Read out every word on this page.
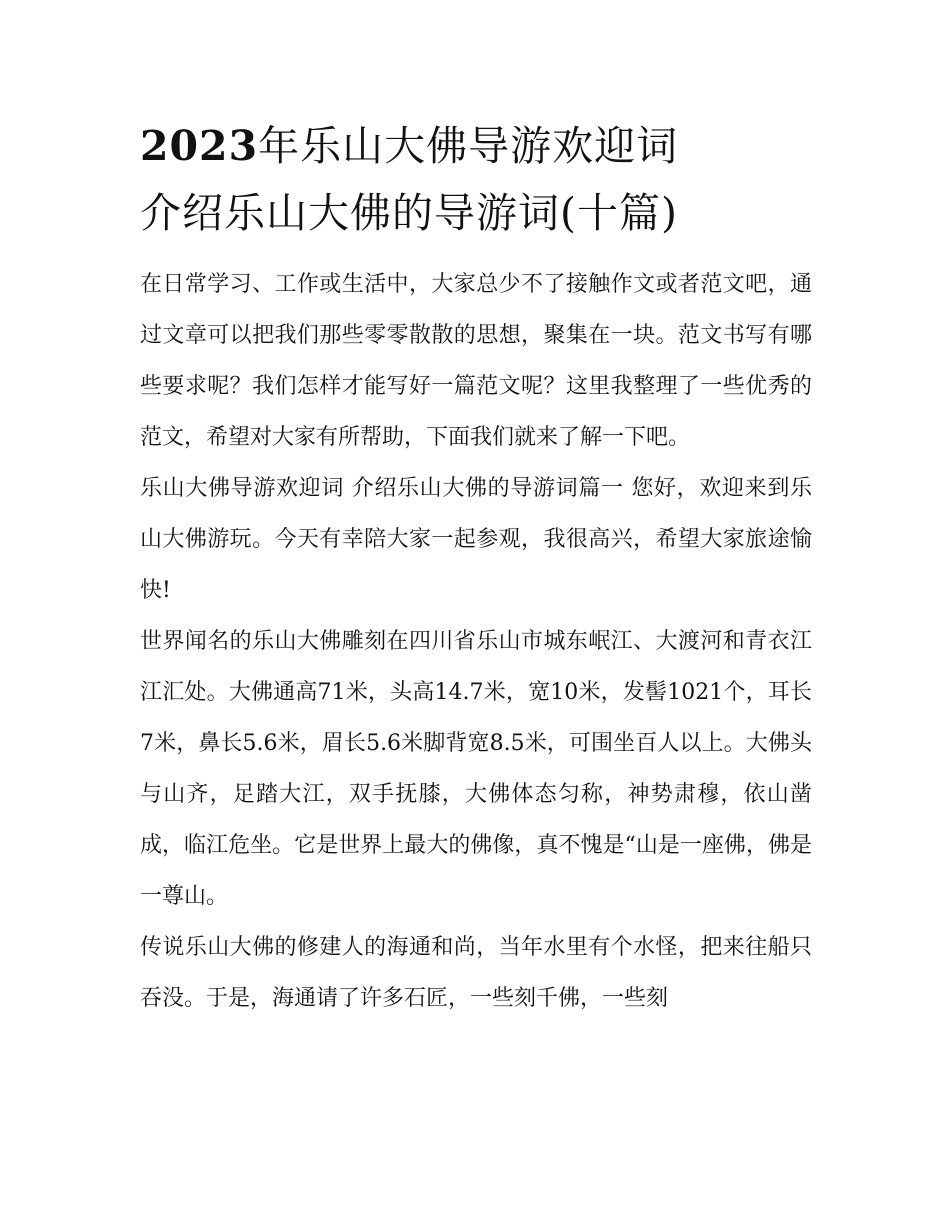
2023年乐山大佛导游欢迎词
介绍乐山大佛的导游词(十篇)

在日常学习、工作或生活中，大家总少不了接触作文或者范文吧，通过文章可以把我们那些零零散散的思想，聚集在一块。范文书写有哪些要求呢？我们怎样才能写好一篇范文呢？这里我整理了一些优秀的范文，希望对大家有所帮助，下面我们就来了解一下吧。

乐山大佛导游欢迎词 介绍乐山大佛的导游词篇一 您好，欢迎来到乐山大佛游玩。今天有幸陪大家一起参观，我很高兴，希望大家旅途愉快!

世界闻名的乐山大佛雕刻在四川省乐山市城东岷江、大渡河和青衣江江汇处。大佛通高71米，头高14.7米，宽10米，发髻1021个，耳长7米，鼻长5.6米，眉长5.6米脚背宽8.5米，可围坐百人以上。大佛头与山齐，足踏大江，双手抚膝，大佛体态匀称，神势肃穆，依山凿成，临江危坐。它是世界上最大的佛像，真不愧是“山是一座佛，佛是一尊山。

传说乐山大佛的修建人的海通和尚，当年水里有个水怪，把来往船只吞没。于是，海通请了许多石匠，一些刻千佛，一些刻
